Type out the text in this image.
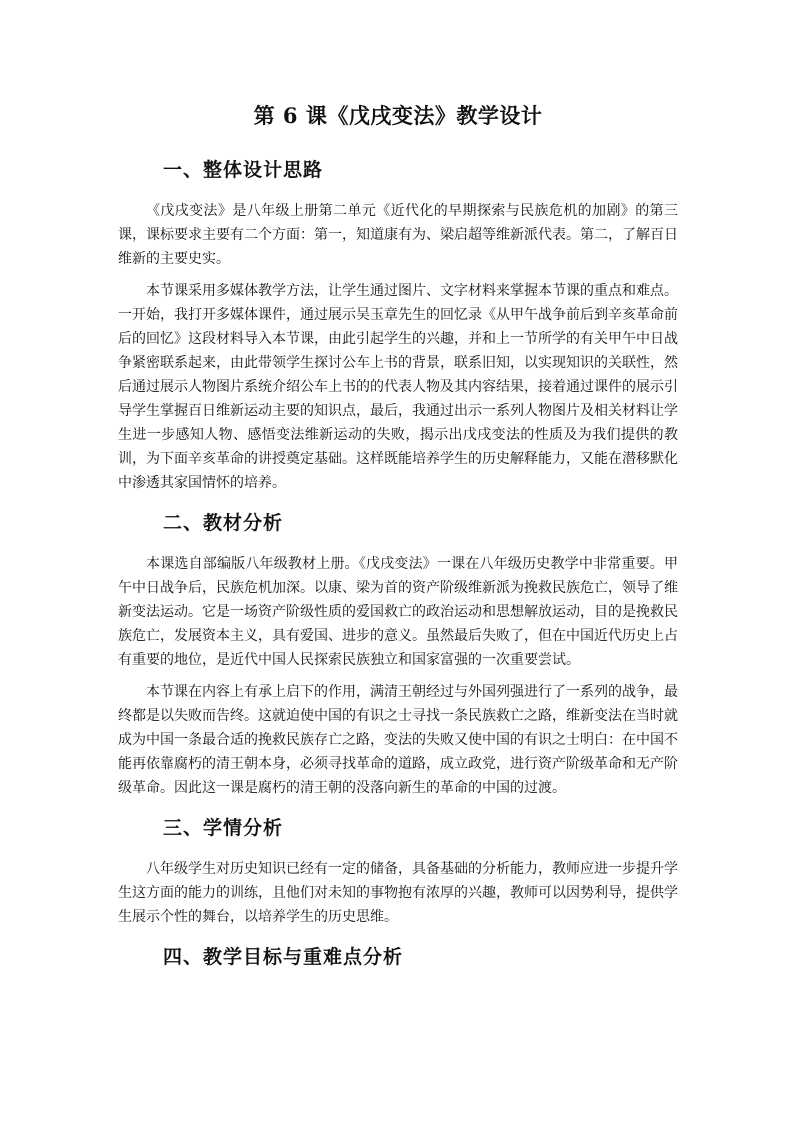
第 6 课《戊戌变法》教学设计
一、整体设计思路

《戊戌变法》是八年级上册第二单元《近代化的早期探索与民族危机的加剧》的第三课，课标要求主要有二个方面：第一，知道康有为、梁启超等维新派代表。第二，了解百日维新的主要史实。

本节课采用多媒体教学方法，让学生通过图片、文字材料来掌握本节课的重点和难点。一开始，我打开多媒体课件，通过展示吴玉章先生的回忆录《从甲午战争前后到辛亥革命前后的回忆》这段材料导入本节课，由此引起学生的兴趣，并和上一节所学的有关甲午中日战争紧密联系起来，由此带领学生探讨公车上书的背景，联系旧知，以实现知识的关联性，然后通过展示人物图片系统介绍公车上书的的代表人物及其内容结果，接着通过课件的展示引导学生掌握百日维新运动主要的知识点，最后，我通过出示一系列人物图片及相关材料让学生进一步感知人物、感悟变法维新运动的失败，揭示出戊戌变法的性质及为我们提供的教训，为下面辛亥革命的讲授奠定基础。这样既能培养学生的历史解释能力，又能在潜移默化中渗透其家国情怀的培养。

二、教材分析

本课选自部编版八年级教材上册。《戊戌变法》一课在八年级历史教学中非常重要。甲午中日战争后，民族危机加深。以康、梁为首的资产阶级维新派为挽救民族危亡，领导了维新变法运动。它是一场资产阶级性质的爱国救亡的政治运动和思想解放运动，目的是挽救民族危亡，发展资本主义，具有爱国、进步的意义。虽然最后失败了，但在中国近代历史上占有重要的地位，是近代中国人民探索民族独立和国家富强的一次重要尝试。

本节课在内容上有承上启下的作用，满清王朝经过与外国列强进行了一系列的战争，最终都是以失败而告终。这就迫使中国的有识之士寻找一条民族救亡之路，维新变法在当时就成为中国一条最合适的挽救民族存亡之路，变法的失败又使中国的有识之士明白：在中国不能再依靠腐朽的清王朝本身，必须寻找革命的道路，成立政党，进行资产阶级革命和无产阶级革命。因此这一课是腐朽的清王朝的没落向新生的革命的中国的过渡。

三、学情分析

八年级学生对历史知识已经有一定的储备，具备基础的分析能力，教师应进一步提升学生这方面的能力的训练，且他们对未知的事物抱有浓厚的兴趣，教师可以因势利导，提供学生展示个性的舞台，以培养学生的历史思维。

四、教学目标与重难点分析
